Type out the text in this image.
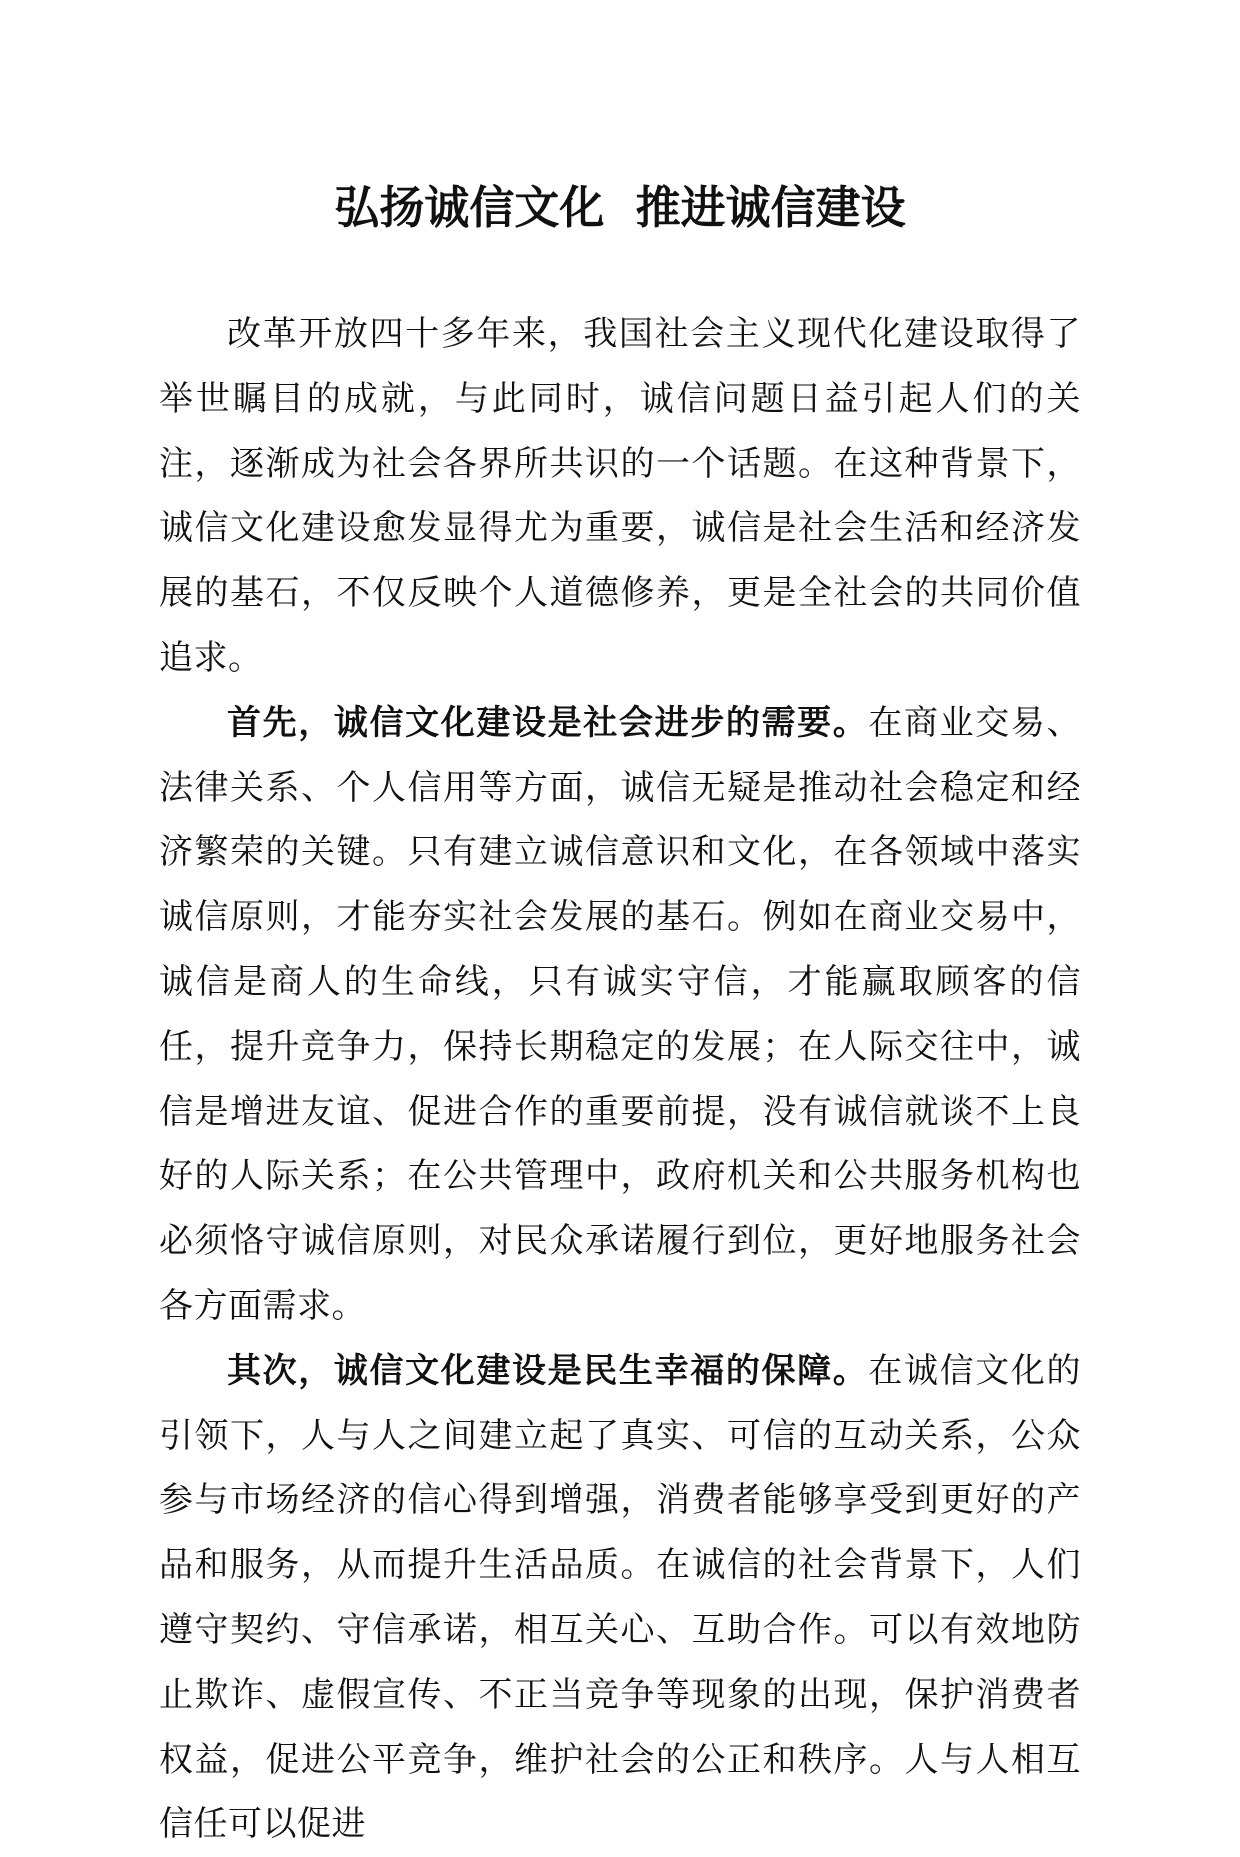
弘扬诚信文化  推进诚信建设

改革开放四十多年来，我国社会主义现代化建设取得了举世瞩目的成就，与此同时，诚信问题日益引起人们的关注，逐渐成为社会各界所共识的一个话题。在这种背景下，诚信文化建设愈发显得尤为重要，诚信是社会生活和经济发展的基石，不仅反映个人道德修养，更是全社会的共同价值追求。

首先，诚信文化建设是社会进步的需要。在商业交易、法律关系、个人信用等方面，诚信无疑是推动社会稳定和经济繁荣的关键。只有建立诚信意识和文化，在各领域中落实诚信原则，才能夯实社会发展的基石。例如在商业交易中，诚信是商人的生命线，只有诚实守信，才能赢取顾客的信任，提升竞争力，保持长期稳定的发展；在人际交往中，诚信是增进友谊、促进合作的重要前提，没有诚信就谈不上良好的人际关系；在公共管理中，政府机关和公共服务机构也必须恪守诚信原则，对民众承诺履行到位，更好地服务社会各方面需求。

其次，诚信文化建设是民生幸福的保障。在诚信文化的引领下，人与人之间建立起了真实、可信的互动关系，公众参与市场经济的信心得到增强，消费者能够享受到更好的产品和服务，从而提升生活品质。在诚信的社会背景下，人们遵守契约、守信承诺，相互关心、互助合作。可以有效地防止欺诈、虚假宣传、不正当竞争等现象的出现，保护消费者权益，促进公平竞争，维护社会的公正和秩序。人与人相互信任可以促进
